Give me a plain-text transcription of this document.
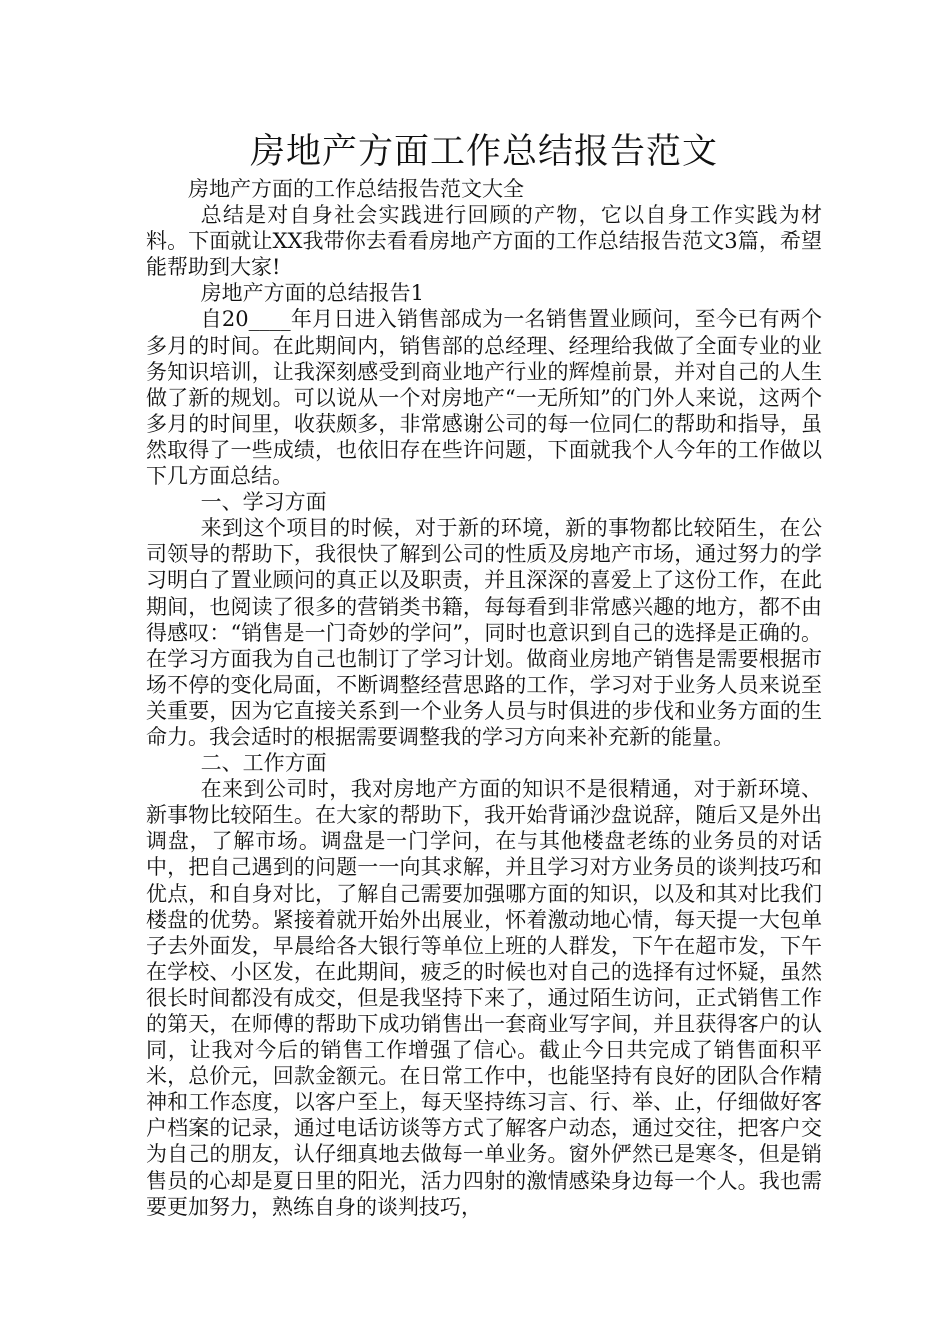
房地产方面工作总结报告范文

房地产方面的工作总结报告范文大全

总结是对自身社会实践进行回顾的产物，它以自身工作实践为材料。下面就让XX我带你去看看房地产方面的工作总结报告范文3篇，希望能帮助到大家!

房地产方面的总结报告1

自20____年月日进入销售部成为一名销售置业顾问，至今已有两个多月的时间。在此期间内，销售部的总经理、经理给我做了全面专业的业务知识培训，让我深刻感受到商业地产行业的辉煌前景，并对自己的人生做了新的规划。可以说从一个对房地产“一无所知”的门外人来说，这两个多月的时间里，收获颇多，非常感谢公司的每一位同仁的帮助和指导，虽然取得了一些成绩，也依旧存在些许问题，下面就我个人今年的工作做以下几方面总结。

一、学习方面

来到这个项目的时候，对于新的环境，新的事物都比较陌生，在公司领导的帮助下，我很快了解到公司的性质及房地产市场，通过努力的学习明白了置业顾问的真正以及职责，并且深深的喜爱上了这份工作，在此期间，也阅读了很多的营销类书籍，每每看到非常感兴趣的地方，都不由得感叹：“销售是一门奇妙的学问”，同时也意识到自己的选择是正确的。在学习方面我为自己也制订了学习计划。做商业房地产销售是需要根据市场不停的变化局面，不断调整经营思路的工作，学习对于业务人员来说至关重要，因为它直接关系到一个业务人员与时俱进的步伐和业务方面的生命力。我会适时的根据需要调整我的学习方向来补充新的能量。

二、工作方面

在来到公司时，我对房地产方面的知识不是很精通，对于新环境、新事物比较陌生。在大家的帮助下，我开始背诵沙盘说辞，随后又是外出调盘，了解市场。调盘是一门学问，在与其他楼盘老练的业务员的对话中，把自己遇到的问题一一向其求解，并且学习对方业务员的谈判技巧和优点，和自身对比，了解自己需要加强哪方面的知识，以及和其对比我们楼盘的优势。紧接着就开始外出展业，怀着激动地心情，每天提一大包单子去外面发，早晨给各大银行等单位上班的人群发，下午在超市发，下午在学校、小区发，在此期间，疲乏的时候也对自己的选择有过怀疑，虽然很长时间都没有成交，但是我坚持下来了，通过陌生访问，正式销售工作的第天，在师傅的帮助下成功销售出一套商业写字间，并且获得客户的认同，让我对今后的销售工作增强了信心。截止今日共完成了销售面积平米，总价元，回款金额元。在日常工作中，也能坚持有良好的团队合作精神和工作态度，以客户至上，每天坚持练习言、行、举、止，仔细做好客户档案的记录，通过电话访谈等方式了解客户动态，通过交往，把客户交为自己的朋友，认仔细真地去做每一单业务。窗外俨然已是寒冬，但是销售员的心却是夏日里的阳光，活力四射的激情感染身边每一个人。我也需要更加努力，熟练自身的谈判技巧，
